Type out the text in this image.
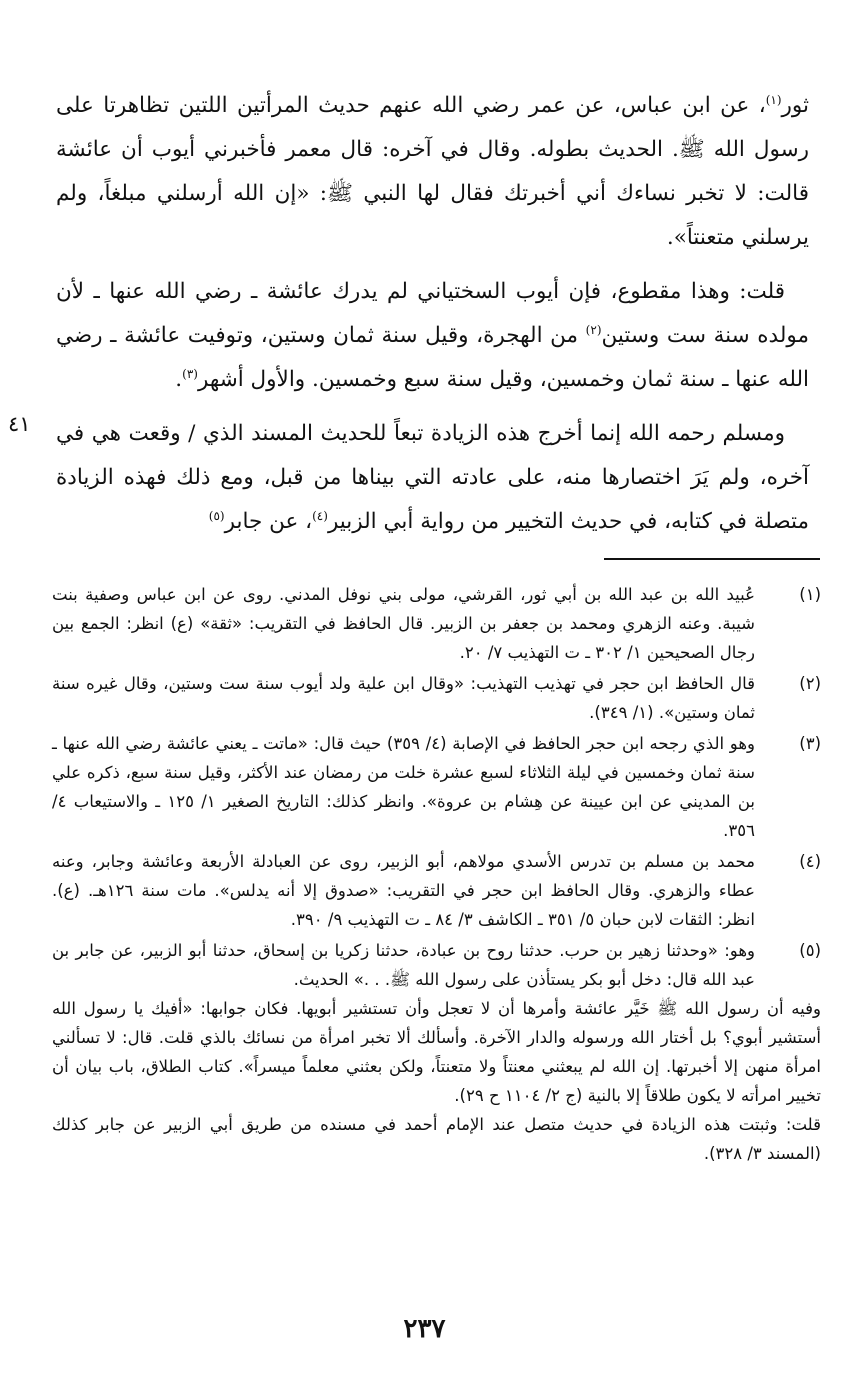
ثور$^{(١)}$، عن ابن عباس، عن عمر رضي الله عنهم حديث المرأتين اللتين تظاهرتا على رسول الله ﷺ. الحديث بطوله. وقال في آخره: قال معمر فأخبرني أيوب أن عائشة قالت: لا تخبر نساءك أني أخبرتك فقال لها النبي ﷺ: «إن الله أرسلني مبلغاً، ولم يرسلني متعنتاً».

قلت: وهذا مقطوع، فإن أيوب السختياني لم يدرك عائشة ـ رضي الله عنها ـ لأن مولده سنة ست وستين$^{(٢)}$ من الهجرة، وقيل سنة ثمان وستين، وتوفيت عائشة ـ رضي الله عنها ـ سنة ثمان وخمسين، وقيل سنة سبع وخمسين. والأول أشهر$^{(٣)}$.

ومسلم رحمه الله إنما أخرج هذه الزيادة تبعاً للحديث المسند الذي / وقعت هي في آخره، ولم يَرَ اختصارها منه، على عادته التي بيناها من قبل، ومع ذلك فهذه الزيادة متصلة في كتابه، في حديث التخيير من رواية أبي الزبير$^{(٤)}$، عن جابر$^{(٥)}$

٤١
(١)
عُبيد الله بن عبد الله بن أبي ثور، القرشي، مولى بني نوفل المدني. روى عن ابن عباس وصفية بنت شيبة. وعنه الزهري ومحمد بن جعفر بن الزبير. قال الحافظ في التقريب: «ثقة» (ع) انظر: الجمع بين رجال الصحيحين ١/ ٣٠٢ ـ ت التهذيب ٧/ ٢٠.
(٢)
قال الحافظ ابن حجر في تهذيب التهذيب: «وقال ابن علية ولد أيوب سنة ست وستين، وقال غيره سنة ثمان وستين». (١/ ٣٤٩).
(٣)
وهو الذي رجحه ابن حجر الحافظ في الإصابة (٤/ ٣٥٩) حيث قال: «ماتت ـ يعني عائشة رضي الله عنها ـ سنة ثمان وخمسين في ليلة الثلاثاء لسبع عشرة خلت من رمضان عند الأكثر، وقيل سنة سبع، ذكره علي بن المديني عن ابن عيينة عن هِشام بن عروة». وانظر كذلك: التاريخ الصغير ١/ ١٢٥ ـ والاستيعاب ٤/ ٣٥٦.
(٤)
محمد بن مسلم بن تدرس الأسدي مولاهم، أبو الزبير، روى عن العبادلة الأربعة وعائشة وجابر، وعنه عطاء والزهري. وقال الحافظ ابن حجر في التقريب: «صدوق إلا أنه يدلس». مات سنة ١٢٦هـ. (ع). انظر: الثقات لابن حبان ٥/ ٣٥١ ـ الكاشف ٣/ ٨٤ ـ ت التهذيب ٩/ ٣٩٠.
(٥)
وهو: «وحدثنا زهير بن حرب. حدثنا روح بن عبادة، حدثنا زكريا بن إسحاق، حدثنا أبو الزبير، عن جابر بن عبد الله قال: دخل أبو بكر يستأذن على رسول الله ﷺ. . .» الحديث.
وفيه أن رسول الله ﷺ خَيَّر عائشة وأمرها أن لا تعجل وأن تستشير أبويها. فكان جوابها: «أفيك يا رسول الله أستشير أبوي؟ بل أختار الله ورسوله والدار الآخرة. وأسألك ألا تخبر امرأة من نسائك بالذي قلت. قال: لا تسألني امرأة منهن إلا أخبرتها. إن الله لم يبعثني معنتاً ولا متعنتاً، ولكن بعثني معلماً ميسراً». كتاب الطلاق، باب بيان أن تخيير امرأته لا يكون طلاقاً إلا بالنية (ج ٢/ ١١٠٤ ح ٢٩).
قلت: وثبتت هذه الزيادة في حديث متصل عند الإمام أحمد في مسنده من طريق أبي الزبير عن جابر كذلك (المسند ٣/ ٣٢٨).
٢٣٧
